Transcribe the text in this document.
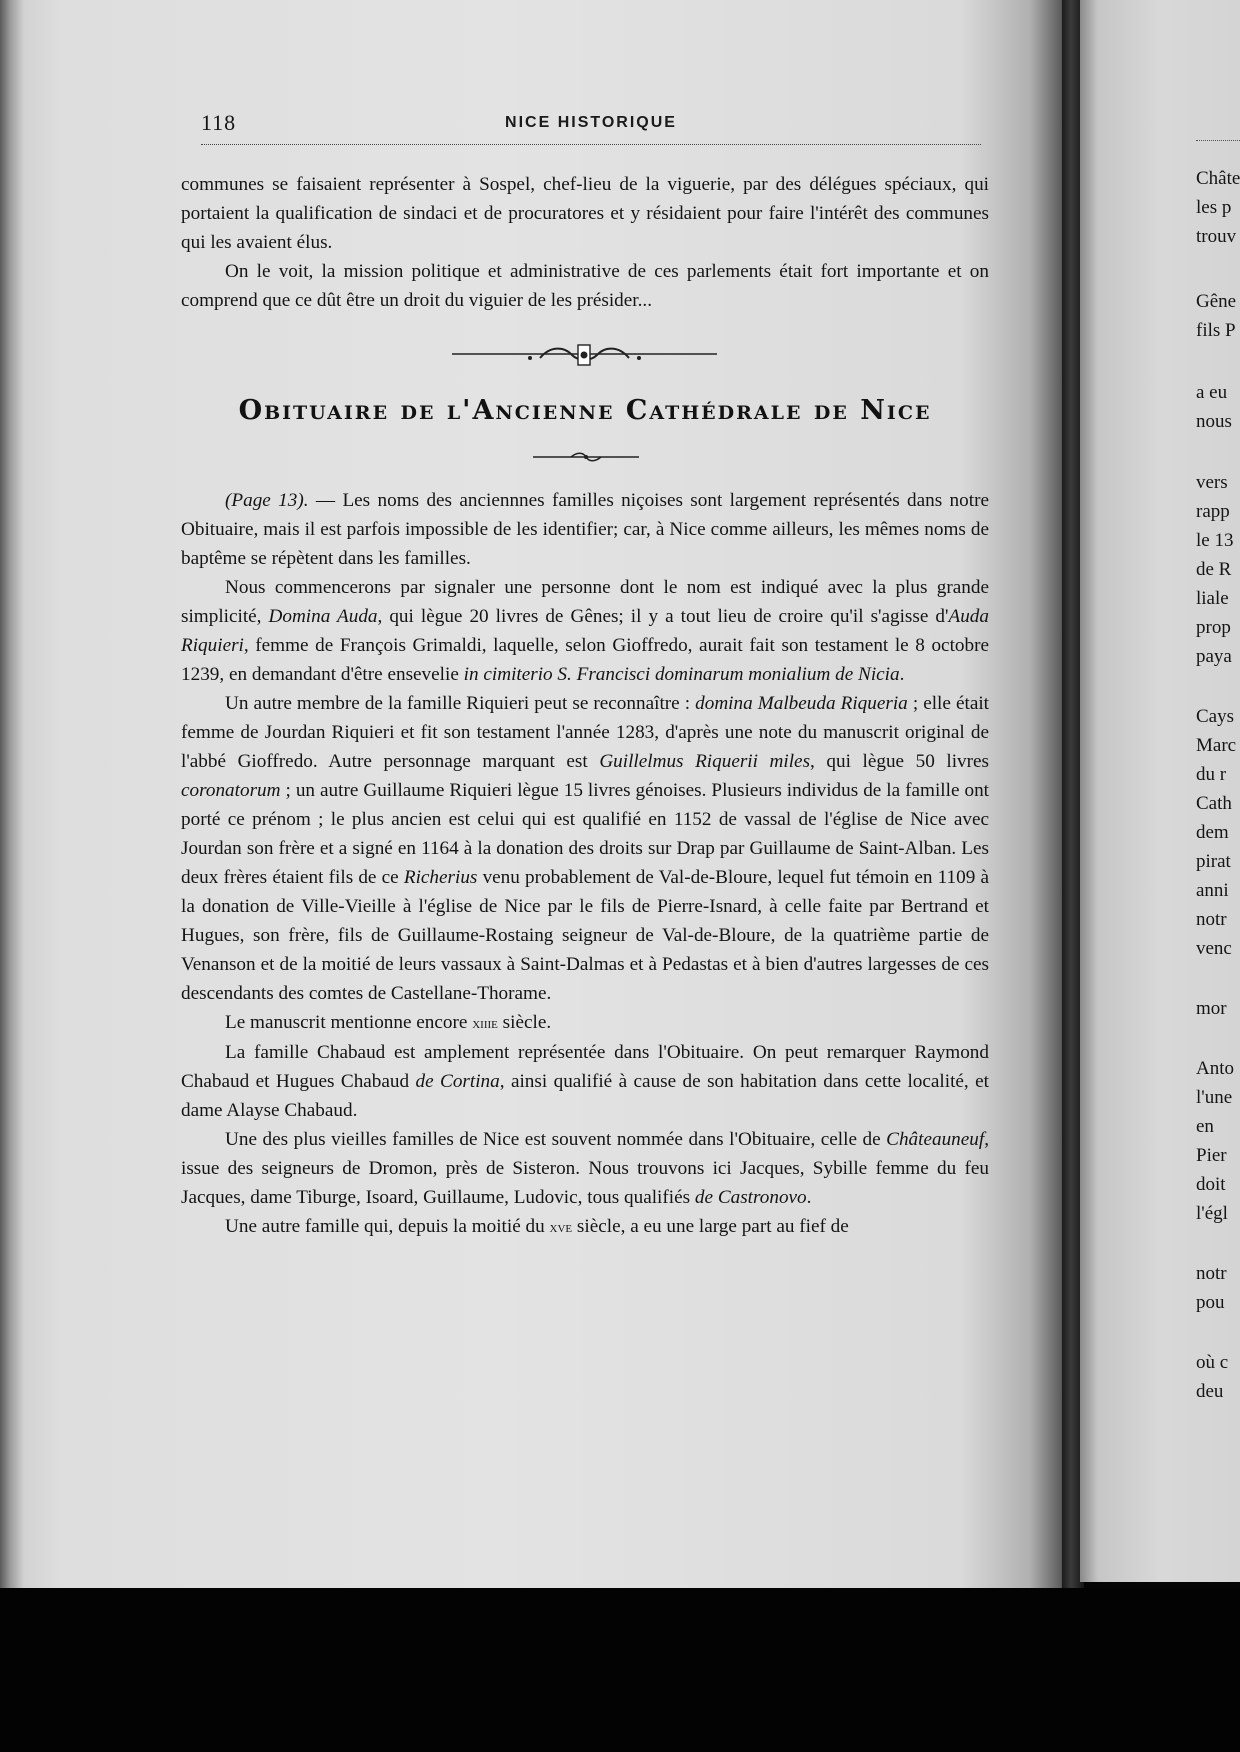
118	NICE HISTORIQUE

communes se faisaient représenter à Sospel, chef-lieu de la viguerie, par des délégues spéciaux, qui portaient la qualification de sindaci et de procuratores et y résidaient pour faire l'intérêt des communes qui les avaient élus.

On le voit, la mission politique et administrative de ces parlements était fort importante et on comprend que ce dût être un droit du viguier de les présider...

Obituaire de l'Ancienne Cathédrale de Nice

(Page 13). — Les noms des anciennnes familles niçoises sont largement représentés dans notre Obituaire, mais il est parfois impossible de les identifier; car, à Nice comme ailleurs, les mêmes noms de baptême se répètent dans les familles.

Nous commencerons par signaler une personne dont le nom est indiqué avec la plus grande simplicité, Domina Auda, qui lègue 20 livres de Gênes; il y a tout lieu de croire qu'il s'agisse d'Auda Riquieri, femme de François Grimaldi, laquelle, selon Gioffredo, aurait fait son testament le 8 octobre 1239, en demandant d'être ensevelie in cimiterio S. Francisci dominarum monialium de Nicia.

Un autre membre de la famille Riquieri peut se reconnaître : domina Malbeuda Riqueria ; elle était femme de Jourdan Riquieri et fit son testament l'année 1283, d'après une note du manuscrit original de l'abbé Gioffredo. Autre personnage marquant est Guillelmus Riquerii miles, qui lègue 50 livres coronatorum ; un autre Guillaume Riquieri lègue 15 livres génoises. Plusieurs individus de la famille ont porté ce prénom ; le plus ancien est celui qui est qualifié en 1152 de vassal de l'église de Nice avec Jourdan son frère et a signé en 1164 à la donation des droits sur Drap par Guillaume de Saint-Alban. Les deux frères étaient fils de ce Richerius venu probablement de Val-de-Bloure, lequel fut témoin en 1109 à la donation de Ville-Vieille à l'église de Nice par le fils de Pierre-Isnard, à celle faite par Bertrand et Hugues, son frère, fils de Guillaume-Rostaing seigneur de Val-de-Bloure, de la quatrième partie de Venanson et de la moitié de leurs vassaux à Saint-Dalmas et à Pedastas et à bien d'autres largesses de ces descendants des comtes de Castellane-Thorame.

Le manuscrit mentionne encore xiiie siècle.

La famille Chabaud est amplement représentée dans l'Obituaire. On peut remarquer Raymond Chabaud et Hugues Chabaud de Cortina, ainsi qualifié à cause de son habitation dans cette localité, et dame Alayse Chabaud.

Une des plus vieilles familles de Nice est souvent nommée dans l'Obituaire, celle de Châteauneuf, issue des seigneurs de Dromon, près de Sisteron. Nous trouvons ici Jacques, Sybille femme du feu Jacques, dame Tiburge, Isoard, Guillaume, Ludovic, tous qualifiés de Castronovo.

Une autre famille qui, depuis la moitié du xve siècle, a eu une large part au fief de

Châte
les p
trouv
Gêne
fils P
a eu
nous
vers
rapp
le 13
de R
liale
prop
paya
Cays
Marc
du r
Cath
dem
pirat
anni
notr
venc
mor
Anto
l'une
en
Pier
doit
l'égl
notr
pou
où c
deu
